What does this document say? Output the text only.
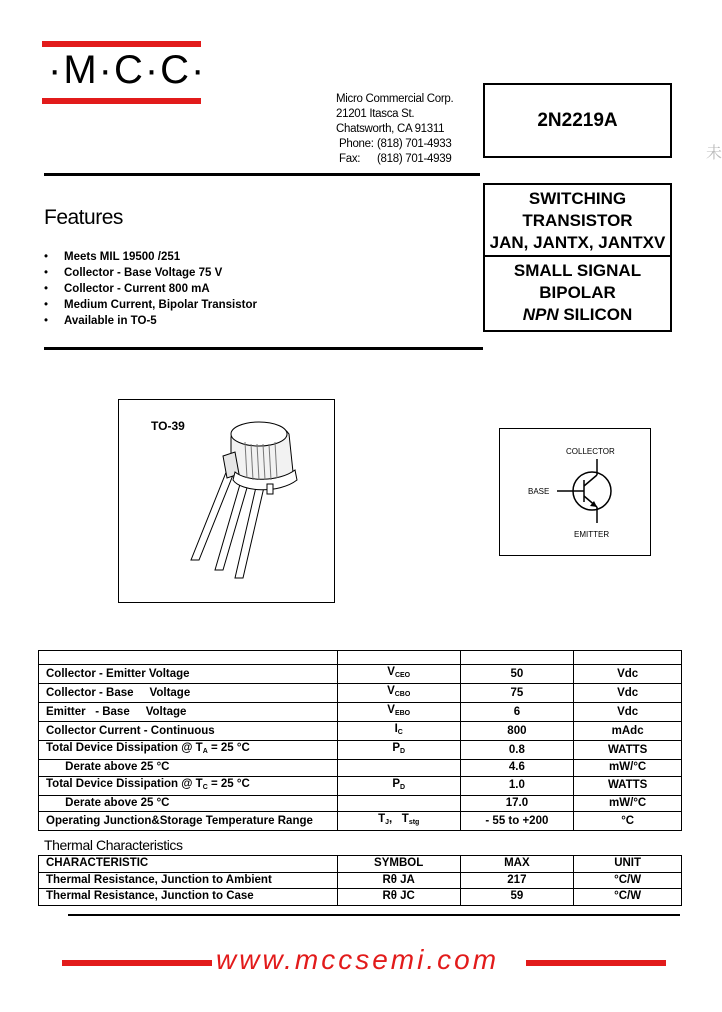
·M·C·C·
Micro Commercial Corp.
21201 Itasca St.
Chatsworth, CA 91311
Phone: (818) 701-4933
Fax: (818) 701-4939
2N2219A
SWITCHING
TRANSISTOR
JAN, JANTX, JANTXV
SMALL SIGNAL
BIPOLAR
NPN SILICON
Features
• Meets MIL 19500 /251
• Collector - Base Voltage 75 V
• Collector - Current 800 mA
• Medium Current, Bipolar Transistor
• Available in TO-5
TO-39
COLLECTOR
BASE
EMITTER

Collector - Emitter Voltage	$V_{CEO}$	50	Vdc
Collector - Base     Voltage	$V_{CBO}$	75	Vdc
Emitter   - Base     Voltage	$V_{EBO}$	6	Vdc
Collector Current - Continuous	$I_C$	800	mAdc
Total Device Dissipation @ $T_A = 25$ °C	$P_D$	0.8	WATTS
Derate above 25 °C		4.6	mW/°C
Total Device Dissipation @ $T_C = 25$ °C	$P_D$	1.0	WATTS
Derate above 25 °C		17.0	mW/°C
Operating Junction&Storage Temperature Range	$T_J$,   $T_{stg}$	- 55 to +200	°C
Thermal Characteristics
CHARACTERISTIC	SYMBOL	MAX	UNIT
Thermal Resistance, Junction to Ambient	Rθ JA	217	°C/W
Thermal Resistance, Junction to Case	Rθ JC	59	°C/W
www.mccsemi.com
未
